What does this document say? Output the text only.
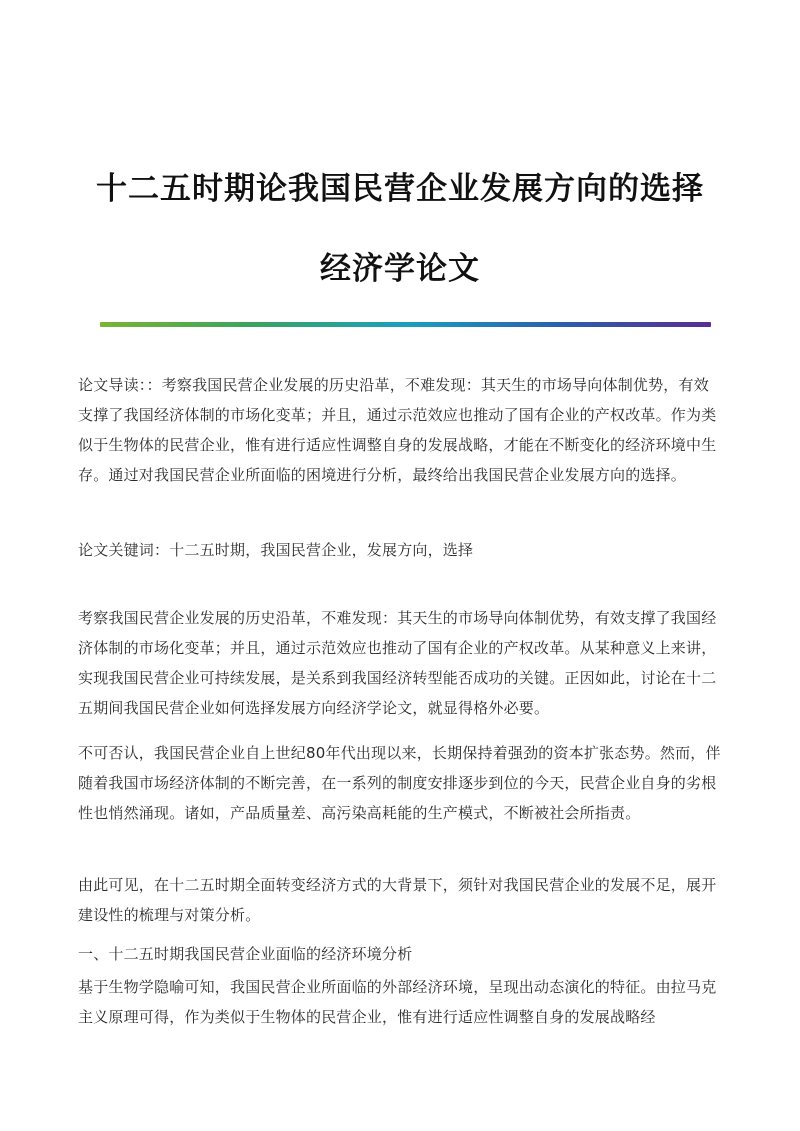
十二五时期论我国民营企业发展方向的选择
经济学论文

论文导读：：考察我国民营企业发展的历史沿革，不难发现：其天生的市场导向体制优势，有效支撑了我国经济体制的市场化变革；并且，通过示范效应也推动了国有企业的产权改革。作为类似于生物体的民营企业，惟有进行适应性调整自身的发展战略，才能在不断变化的经济环境中生存。通过对我国民营企业所面临的困境进行分析，最终给出我国民营企业发展方向的选择。

论文关键词：十二五时期，我国民营企业，发展方向，选择

考察我国民营企业发展的历史沿革，不难发现：其天生的市场导向体制优势，有效支撑了我国经济体制的市场化变革；并且，通过示范效应也推动了国有企业的产权改革。从某种意义上来讲，实现我国民营企业可持续发展，是关系到我国经济转型能否成功的关键。正因如此，讨论在十二五期间我国民营企业如何选择发展方向经济学论文，就显得格外必要。

不可否认，我国民营企业自上世纪80年代出现以来，长期保持着强劲的资本扩张态势。然而，伴随着我国市场经济体制的不断完善，在一系列的制度安排逐步到位的今天，民营企业自身的劣根性也悄然涌现。诸如，产品质量差、高污染高耗能的生产模式，不断被社会所指责。

由此可见，在十二五时期全面转变经济方式的大背景下，须针对我国民营企业的发展不足，展开建设性的梳理与对策分析。

一、十二五时期我国民营企业面临的经济环境分析

基于生物学隐喻可知，我国民营企业所面临的外部经济环境，呈现出动态演化的特征。由拉马克主义原理可得，作为类似于生物体的民营企业，惟有进行适应性调整自身的发展战略经
